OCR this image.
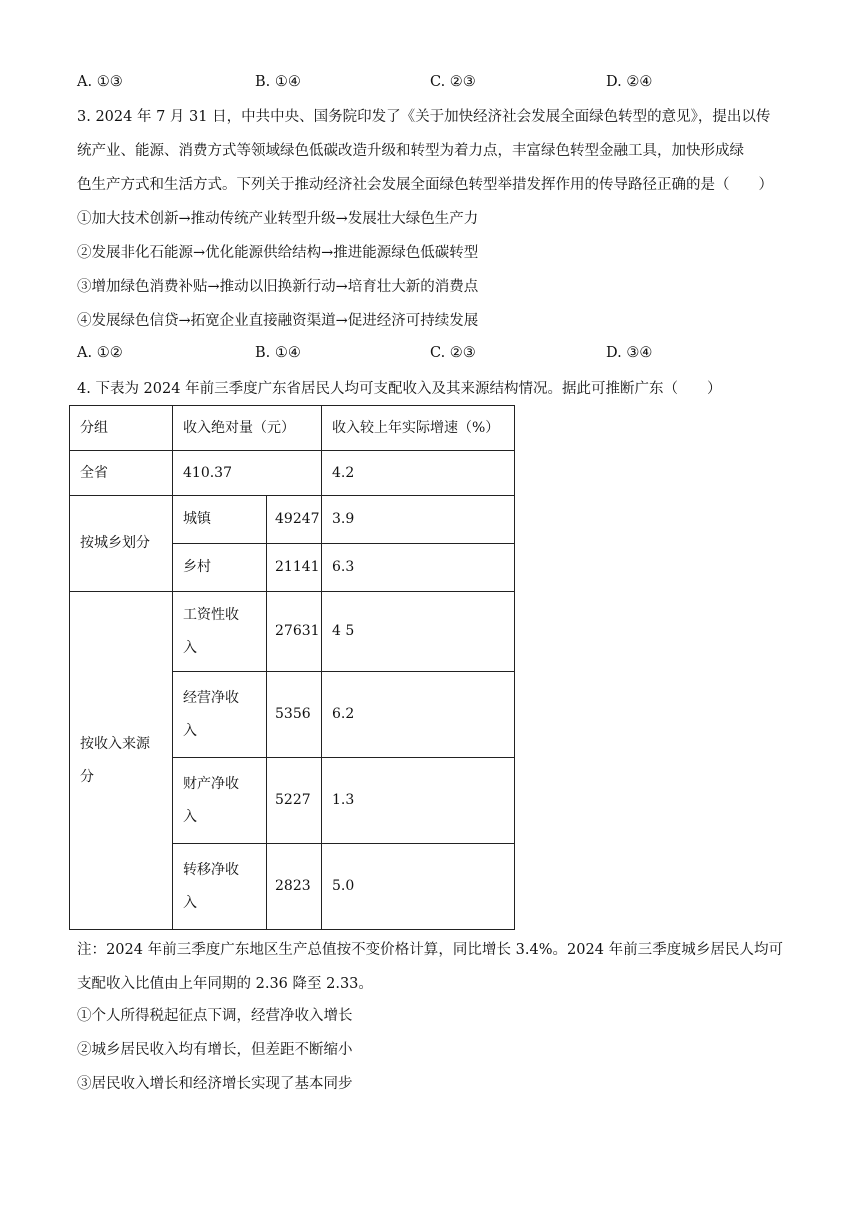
A. ①③	B. ①④	C. ②③	D. ②④
3. 2024 年 7 月 31 日，中共中央、国务院印发了《关于加快经济社会发展全面绿色转型的意见》，提出以传
统产业、能源、消费方式等领域绿色低碳改造升级和转型为着力点，丰富绿色转型金融工具，加快形成绿
色生产方式和生活方式。下列关于推动经济社会发展全面绿色转型举措发挥作用的传导路径正确的是（　　）
①加大技术创新→推动传统产业转型升级→发展壮大绿色生产力
②发展非化石能源→优化能源供给结构→推进能源绿色低碳转型
③增加绿色消费补贴→推动以旧换新行动→培育壮大新的消费点
④发展绿色信贷→拓宽企业直接融资渠道→促进经济可持续发展
A. ①②	B. ①④	C. ②③	D. ③④
4. 下表为 2024 年前三季度广东省居民人均可支配收入及其来源结构情况。据此可推断广东（　　）
分组	收入绝对量（元）		收入较上年实际增速（%）
全省	410.37		4.2
按城乡划分	城镇	49247	3.9
	乡村	21141	6.3
按收入来源分	工资性收入	27631	4 5
	经营净收入	5356	6.2
	财产净收入	5227	1.3
	转移净收入	2823	5.0
注：2024 年前三季度广东地区生产总值按不变价格计算，同比增长 3.4%。2024 年前三季度城乡居民人均可支配收入比值由上年同期的 2.36 降至 2.33。
①个人所得税起征点下调，经营净收入增长
②城乡居民收入均有增长，但差距不断缩小
③居民收入增长和经济增长实现了基本同步
